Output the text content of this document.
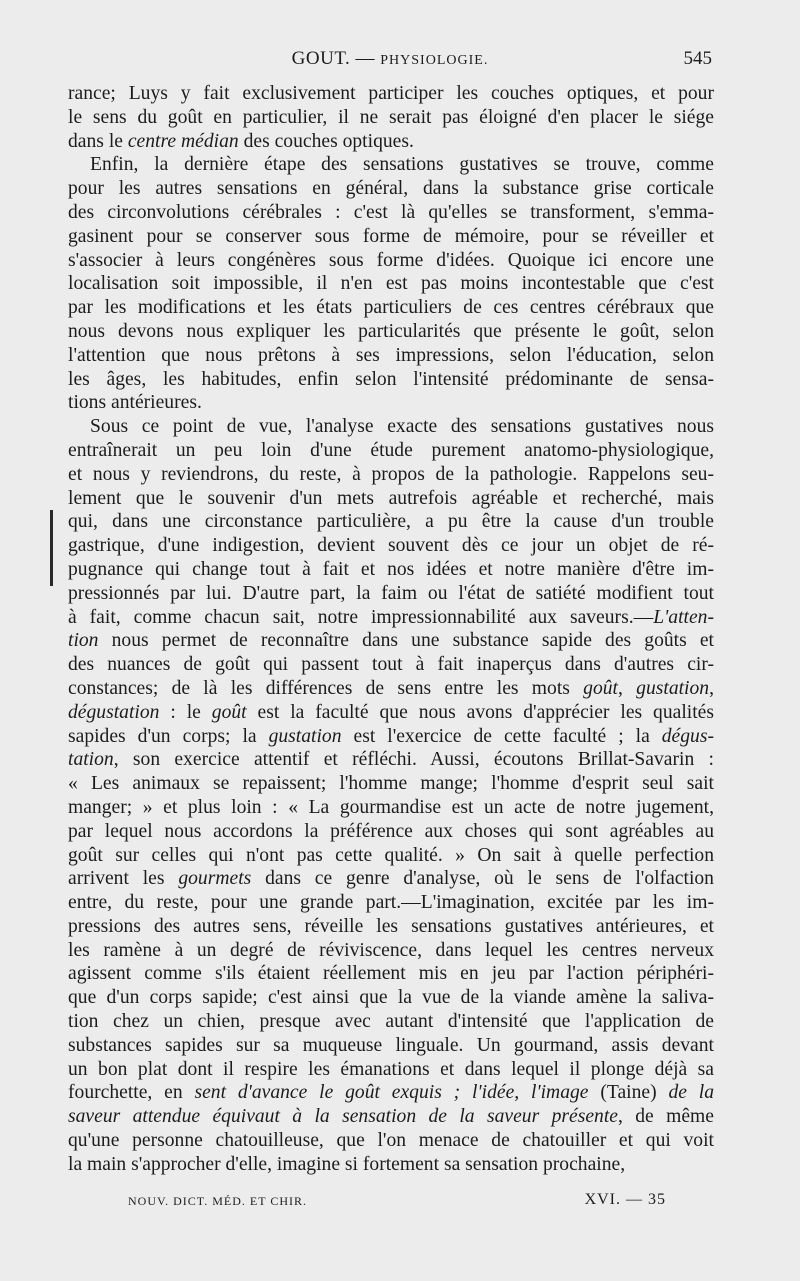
GOUT. — PHYSIOLOGIE.	545

rance; Luys y fait exclusivement participer les couches optiques, et pour
le sens du goût en particulier, il ne serait pas éloigné d'en placer le siége
dans le centre médian des couches optiques.

Enfin, la dernière étape des sensations gustatives se trouve, comme
pour les autres sensations en général, dans la substance grise corticale
des circonvolutions cérébrales : c'est là qu'elles se transforment, s'emma-
gasinent pour se conserver sous forme de mémoire, pour se réveiller et
s'associer à leurs congénères sous forme d'idées. Quoique ici encore une
localisation soit impossible, il n'en est pas moins incontestable que c'est
par les modifications et les états particuliers de ces centres cérébraux que
nous devons nous expliquer les particularités que présente le goût, selon
l'attention que nous prêtons à ses impressions, selon l'éducation, selon
les âges, les habitudes, enfin selon l'intensité prédominante de sensa-
tions antérieures.

Sous ce point de vue, l'analyse exacte des sensations gustatives nous
entraînerait un peu loin d'une étude purement anatomo-physiologique,
et nous y reviendrons, du reste, à propos de la pathologie. Rappelons seu-
lement que le souvenir d'un mets autrefois agréable et recherché, mais
qui, dans une circonstance particulière, a pu être la cause d'un trouble
gastrique, d'une indigestion, devient souvent dès ce jour un objet de ré-
pugnance qui change tout à fait et nos idées et notre manière d'être im-
pressionnés par lui. D'autre part, la faim ou l'état de satiété modifient tout
à fait, comme chacun sait, notre impressionnabilité aux saveurs.—L'atten-
tion nous permet de reconnaître dans une substance sapide des goûts et
des nuances de goût qui passent tout à fait inaperçus dans d'autres cir-
constances; de là les différences de sens entre les mots goût, gustation,
dégustation : le goût est la faculté que nous avons d'apprécier les qualités
sapides d'un corps; la gustation est l'exercice de cette faculté ; la dégus-
tation, son exercice attentif et réfléchi. Aussi, écoutons Brillat-Savarin :
« Les animaux se repaissent; l'homme mange; l'homme d'esprit seul sait
manger; » et plus loin : « La gourmandise est un acte de notre jugement,
par lequel nous accordons la préférence aux choses qui sont agréables au
goût sur celles qui n'ont pas cette qualité. » On sait à quelle perfection
arrivent les gourmets dans ce genre d'analyse, où le sens de l'olfaction
entre, du reste, pour une grande part.—L'imagination, excitée par les im-
pressions des autres sens, réveille les sensations gustatives antérieures, et
les ramène à un degré de réviviscence, dans lequel les centres nerveux
agissent comme s'ils étaient réellement mis en jeu par l'action périphéri-
que d'un corps sapide; c'est ainsi que la vue de la viande amène la saliva-
tion chez un chien, presque avec autant d'intensité que l'application de
substances sapides sur sa muqueuse linguale. Un gourmand, assis devant
un bon plat dont il respire les émanations et dans lequel il plonge déjà sa
fourchette, en sent d'avance le goût exquis ; l'idée, l'image (Taine) de la
saveur attendue équivaut à la sensation de la saveur présente, de même
qu'une personne chatouilleuse, que l'on menace de chatouiller et qui voit
la main s'approcher d'elle, imagine si fortement sa sensation prochaine,

NOUV. DICT. MÉD. ET CHIR.	XVI. — 35
